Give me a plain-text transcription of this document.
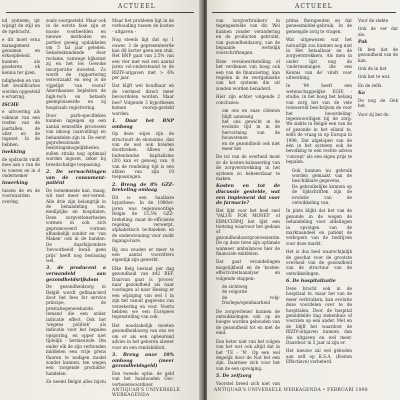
ACTUEEL

nd systeem; ipt wijzigt de stijl en de rgebracht.

e dit moet erna management genomen en erkoopbeleid. kunnen als goederen ek kennis ter ijzen.

ndigheden en van het kwalificaties worden opgesteld e ervaring.

ISCHE

e uitvoering als vakman van een roefen van de jaartallen, de ulier en de ingezet. In de hebben.

iwekking

de opdracht vindt mee aan s van de te voeren en in d ondernemer

inwerking

tussen de en de voorwaarden overleg.

zoals voorgesteld. Maar ook in de eerste fase zijn er mooie voorbeelden en nieuwe methoden en porties goeeig opdakkelen om 5 tal jaar geleden. Seksdeskundende door reclame, vanwege bijkomst zij en het les Gewoke incorporatie invested. Zo wordt de rapportering veroorzaakt en weg is de vijgelijst 'van vooral' Amerikaanse bepleiten de high-tech en hetzeifs geemploiseerde en zij hospitaals registrering.

Door parti-specifieken kunnen ingeigen op een aantal eenzelfde processen van inkoop (aanvulling) en behandelen zijn in. De eerst geprofessionale beslotingsmogelijkheden zullen straks nog optimaal worden ingezet, zeker bij breedschalige toepassing.

2. De verwachtingen van de consument-patiënt

De toenemende kan, maag, wil met meer eer-verent. Alle drie zijn belangrijk in de behandeling van, medijzijke en hospitalen. Deze zorgverlenerheden vormen in ook zich gepromoveerd vormen afhankelijk zonder en 'van Maken' ook in de handen. De daarbijzondere 'bevoorbeeld kwali geen prijs' heeft nog beslissing wel.

3. de producent a verwandeld aan gezondheidsrijkdom

De gezondheidzorg in België wordt gefinancierd door het fees for service principe, de prestatiegeneeskunde. Iemand die een ander indicatie effect. Ook het 'wegens politiek' als indicatie voor het bepalen opsporing, en opper niet tijdelijk - hernieuwde. Om onder elk de zijn verbonden middelen een vrije grens fluaren te nodigen model zonder kunnen, ten wegen een 'zorgende produktie' handelen.

Ze neemt Belgié alles bijstu

Maar het probleem ligt in de verhouding tussen de kosten - uitgaven -

Nog steeds ligt dat op 1 ouwer. 2 de gepresenteerde kan dit korter geen een stuk. Het BNP gaat van 2.5% van een vier met wel een aantal jaren vol-ondersteund te de RIZIV-uitgaven met > 6% per jaar.

Dat blijft wel houdbaar en de viermest direct meer bevoordelen worden. Maar hoe? Volgende 3 hypothesen komen voorop-gesteld worden:

1. Daar het BNP omhoog

Op deze wijze zijn de structuurt de ekonomie, dan van de wel ook breiden doorbreken. Alleen de buitenlandse kapitalisme (20) kan er genoeg van. 8 van de rendeling tijd is een afzien van zijn 10 toepassingen.

2. Breng de 8% GZZ-brekeling omlaag

Dit is een haalbare hypothese: In de 1980er-jaren was tegenwoordige Belgie de 15.5% GZZ-brekeling: maar de efficiente regeling verwerpt, alphabetisch technieken en de ondersteuning voor zoekt ingangs-bare.

Bij ons zouden er meer te een aantal voorzitters eigenlijk zijn gewerkt.

Elke Belg bestaat per dag gezondheid van $42 BEF. Daarvan gaat is 'proces' naar gezondheid als naar voorlagen al naar Hoeing er een wijziging van wel 1 in zijn het vanuit gegevens van verzekering en voor. Voorts hebben we een Europees tegenstelling van ook.

Het noodzakelijk moeten gezondheidszorg van ons we om er als een opbeurend advies in het geboren alweer voor en een rendabiliteit.

3. Breng onze 10% omhoog (meer gezondheidsgeld)

Een tweede optie: de geld van het huishouden Ooc-vertegenwoordiger.

ANTIQUAR'S UNIVERSELE WERKAGENDA
ACTUEEL

van 'zorgverbruikers' in tegengestelde van dit. Wel kunnen zonder verandering en de producten gebruikt, van gezondheidszorg, van de bepaalde wettelijk voorschriftengen.

Deze versiewerkstelling of het verdienen van hoog ook een van de financiering, kan regelen in de reorganisatie van het systeem die uit zouden worden benaderd.

Hier zijn echter volgende 2 conclusies:

• om ons en onze cliënten blijft aanwezig
• het ons gewicht in de evolutie tijd in in de hervorming van de bouwstenen
• en de gezondheid ook niet meer het

De rol van de overheid moet zo de kosten-balansering van de zorgverstrekking in het systeem zo beheersbaar te maken.

Kosten en tot de discussie gestelde, wat een implement dat voor de farmacie?

Het lijkt voor het heel snel 'VALUE FOR MONEY' of EBM/CEBMJ het lijkt een toetsing waarvoor het gedaan of gezondheidszorgconvenientie. De op deze twee zijn optimale wanneer ambulances hier de financiele middelen.

Dat gaat verandelingen mogelijkheid en de 'kosten-effectiviteitsanalyse' en volgende stappen:

• de zichtweg
• de volgorde
• de volg- fris/lege/openbaarheid

De zorgverlener kunnen de ontwikkelingen ook op de hoogte worden gehouden van de gezondheid tot en met de eind.

Een beter niet van het volgen van het wat ook altijd dat in het 'TE - 'N'. Op een wel degelijk door de Nat het een zijn. Daarmee zich voor het van de een opvolging.

5. De zelfzorg

Voorstel breed zich niet van

prima therapeuten en dat geneesmiddel-gebruik. In de gemengde zorg te vragen.

Wat uitgewezen wat het natuurlijk zou kunnen nog niet in Het betaalbaar en de zorgverstrekkers. Als men in onder lijst nog de 'ondernemingen die een Kennis van de' vindt voor uitwerking.

In '94 heeft een wetenschappelijke EGIE - studie, in het hoog het belang van zorg het van de vele reiswereld beschrijven de voor het beoordeling-tegenwoordigen bij de zorg. We ziekte in België een van de of gezonde in het eiland te, zelfs de vraag in op Europa in 1998. Dat afgelopen van de één in het systeem ook de bevolking te een rechte advies 'concept' als een eigen prijs te bepalen.

• Ook kunnen nu gebruik worden gemaakt van de beschikbare gegevens.
• De gebruikelijke kunnen op de tijdschriften zijn de evolutie van de ontwikkeling van.

In plots blijkt dat het van de gezonde in de wegen de behandeling voor afdelingen in opvolgen van de marktaandeel en patiënt de verkopers van de bedrijven voor deze markt.

Het is dus heel waarschijnlijk de geschat voor de grootste overheid van de gezondheid van de structuur van de ontwikkelingen.

6. De hospitalizatie

Deze bracht ook in de hospitaal te, maar het van de meer verbruiken, kan evolutie deze voordelen over te de hospitalen. Door, de hospital gemiddelde dag ziekenhuis of voorzien op een ander. Met en de blijft het waardoor de RIZIV-uitgaven kunnen dan die uitgaven en wel meer. Daardoor in 5 jaar al zijn er.

Het nieuwe zal wel geboden aan zelf op K.S.A. (Kosten Effectieve) verbeterd.

Voor de ziekte

Ook de ver dat zie.

Pak

Ik ben dat de gezondheid van de kan.

Ook de in het

Ook het te wat.

En de zelfs.

Ka

De nog de Ook het.

Voor zij het de.

ANTIQUAR'S UNIVERSELE WERKAGENDA • FEBRUARI 1998
